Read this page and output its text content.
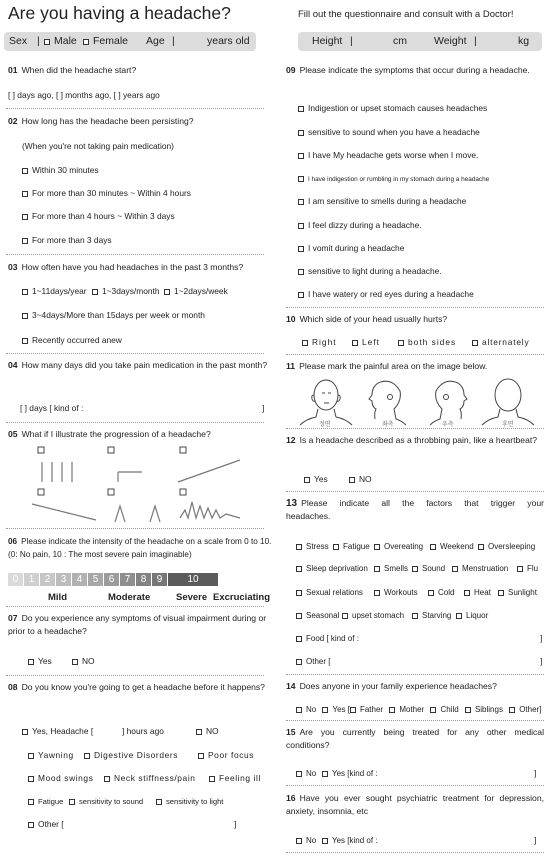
Are you having a headache?	Fill out the questionnaire and consult with a Doctor!
Sex |	Male	Female Age |	years old	Height |	cm	Weight |	kg
01 When did the headache start?
[ ] days ago, [ ] months ago, [ ] years ago
02 How long has the headache been persisting?
(When you're not taking pain medication)
Within 30 minutes
For more than 30 minutes ~ Within 4 hours
For more than 4 hours ~ Within 3 days
For more than 3 days
03 How often have you had headaches in the past 3 months?
1~11days/year	1~3days/month	1~2days/week
3~4days/More than 15days per week or month
Recently occurred anew
04 How many days did you take pain medication in the past month?
[ ] days [ kind of :	]
05 What if I illustrate the progression of a headache?
06 Please indicate the intensity of the headache on a scale from 0 to 10. (0: No pain, 10 : The most severe pain imaginable)
0	1	2	3	4	5	6	7	8	9	10
Mild	Moderate	Severe Excruciating
07 Do you experience any symptoms of visual impairment during or prior to a headache?
Yes	NO
08 Do you know you're going to get a headache before it happens?
Yes, Headache [	] hours ago	NO
Yawning	Digestive Disorders	Poor focus
Mood swings	Neck stiffness/pain	Feeling ill
Fatigue	sensitivity to sound	sensitivity to light
Other [	]
09 Please indicate the symptoms that occur during a headache.
Indigestion or upset stomach causes headaches
sensitive to sound when you have a headache
I have My headache gets worse when I move.
I have indigestion or rumbling in my stomach during a headache
I am sensitive to smells during a headache
I feel dizzy during a headache.
I vomit during a headache
sensitive to light during a headache.
I have watery or red eyes during a headache
10 Which side of your head usually hurts?
Right	Left	both sides	alternately
11 Please mark the painful area on the image below.
정면	좌측	우측	후면
12 Is a headache described as a throbbing pain, like a heartbeat?
Yes	NO
13 Please indicate all the factors that trigger your headaches.
Stress	Fatigue	Overeating	Weekend	Oversleeping
Sleep deprivation	Smells	Sound	Menstruation	Flu
Sexual relations	Workouts	Cold	Heat	Sunlight
Seasonal	upset stomach	Starving	Liquor
Food [ kind of :	]
Other [	]
14 Does anyone in your family experience headaches?
No Yes [ Father Mother Child Siblings Other]
15 Are you currently being treated for any other medical conditions?
No	Yes [kind of :	]
16 Have you ever sought psychiatric treatment for depression, anxiety, insomnia, etc
No	Yes [kind of :	]
